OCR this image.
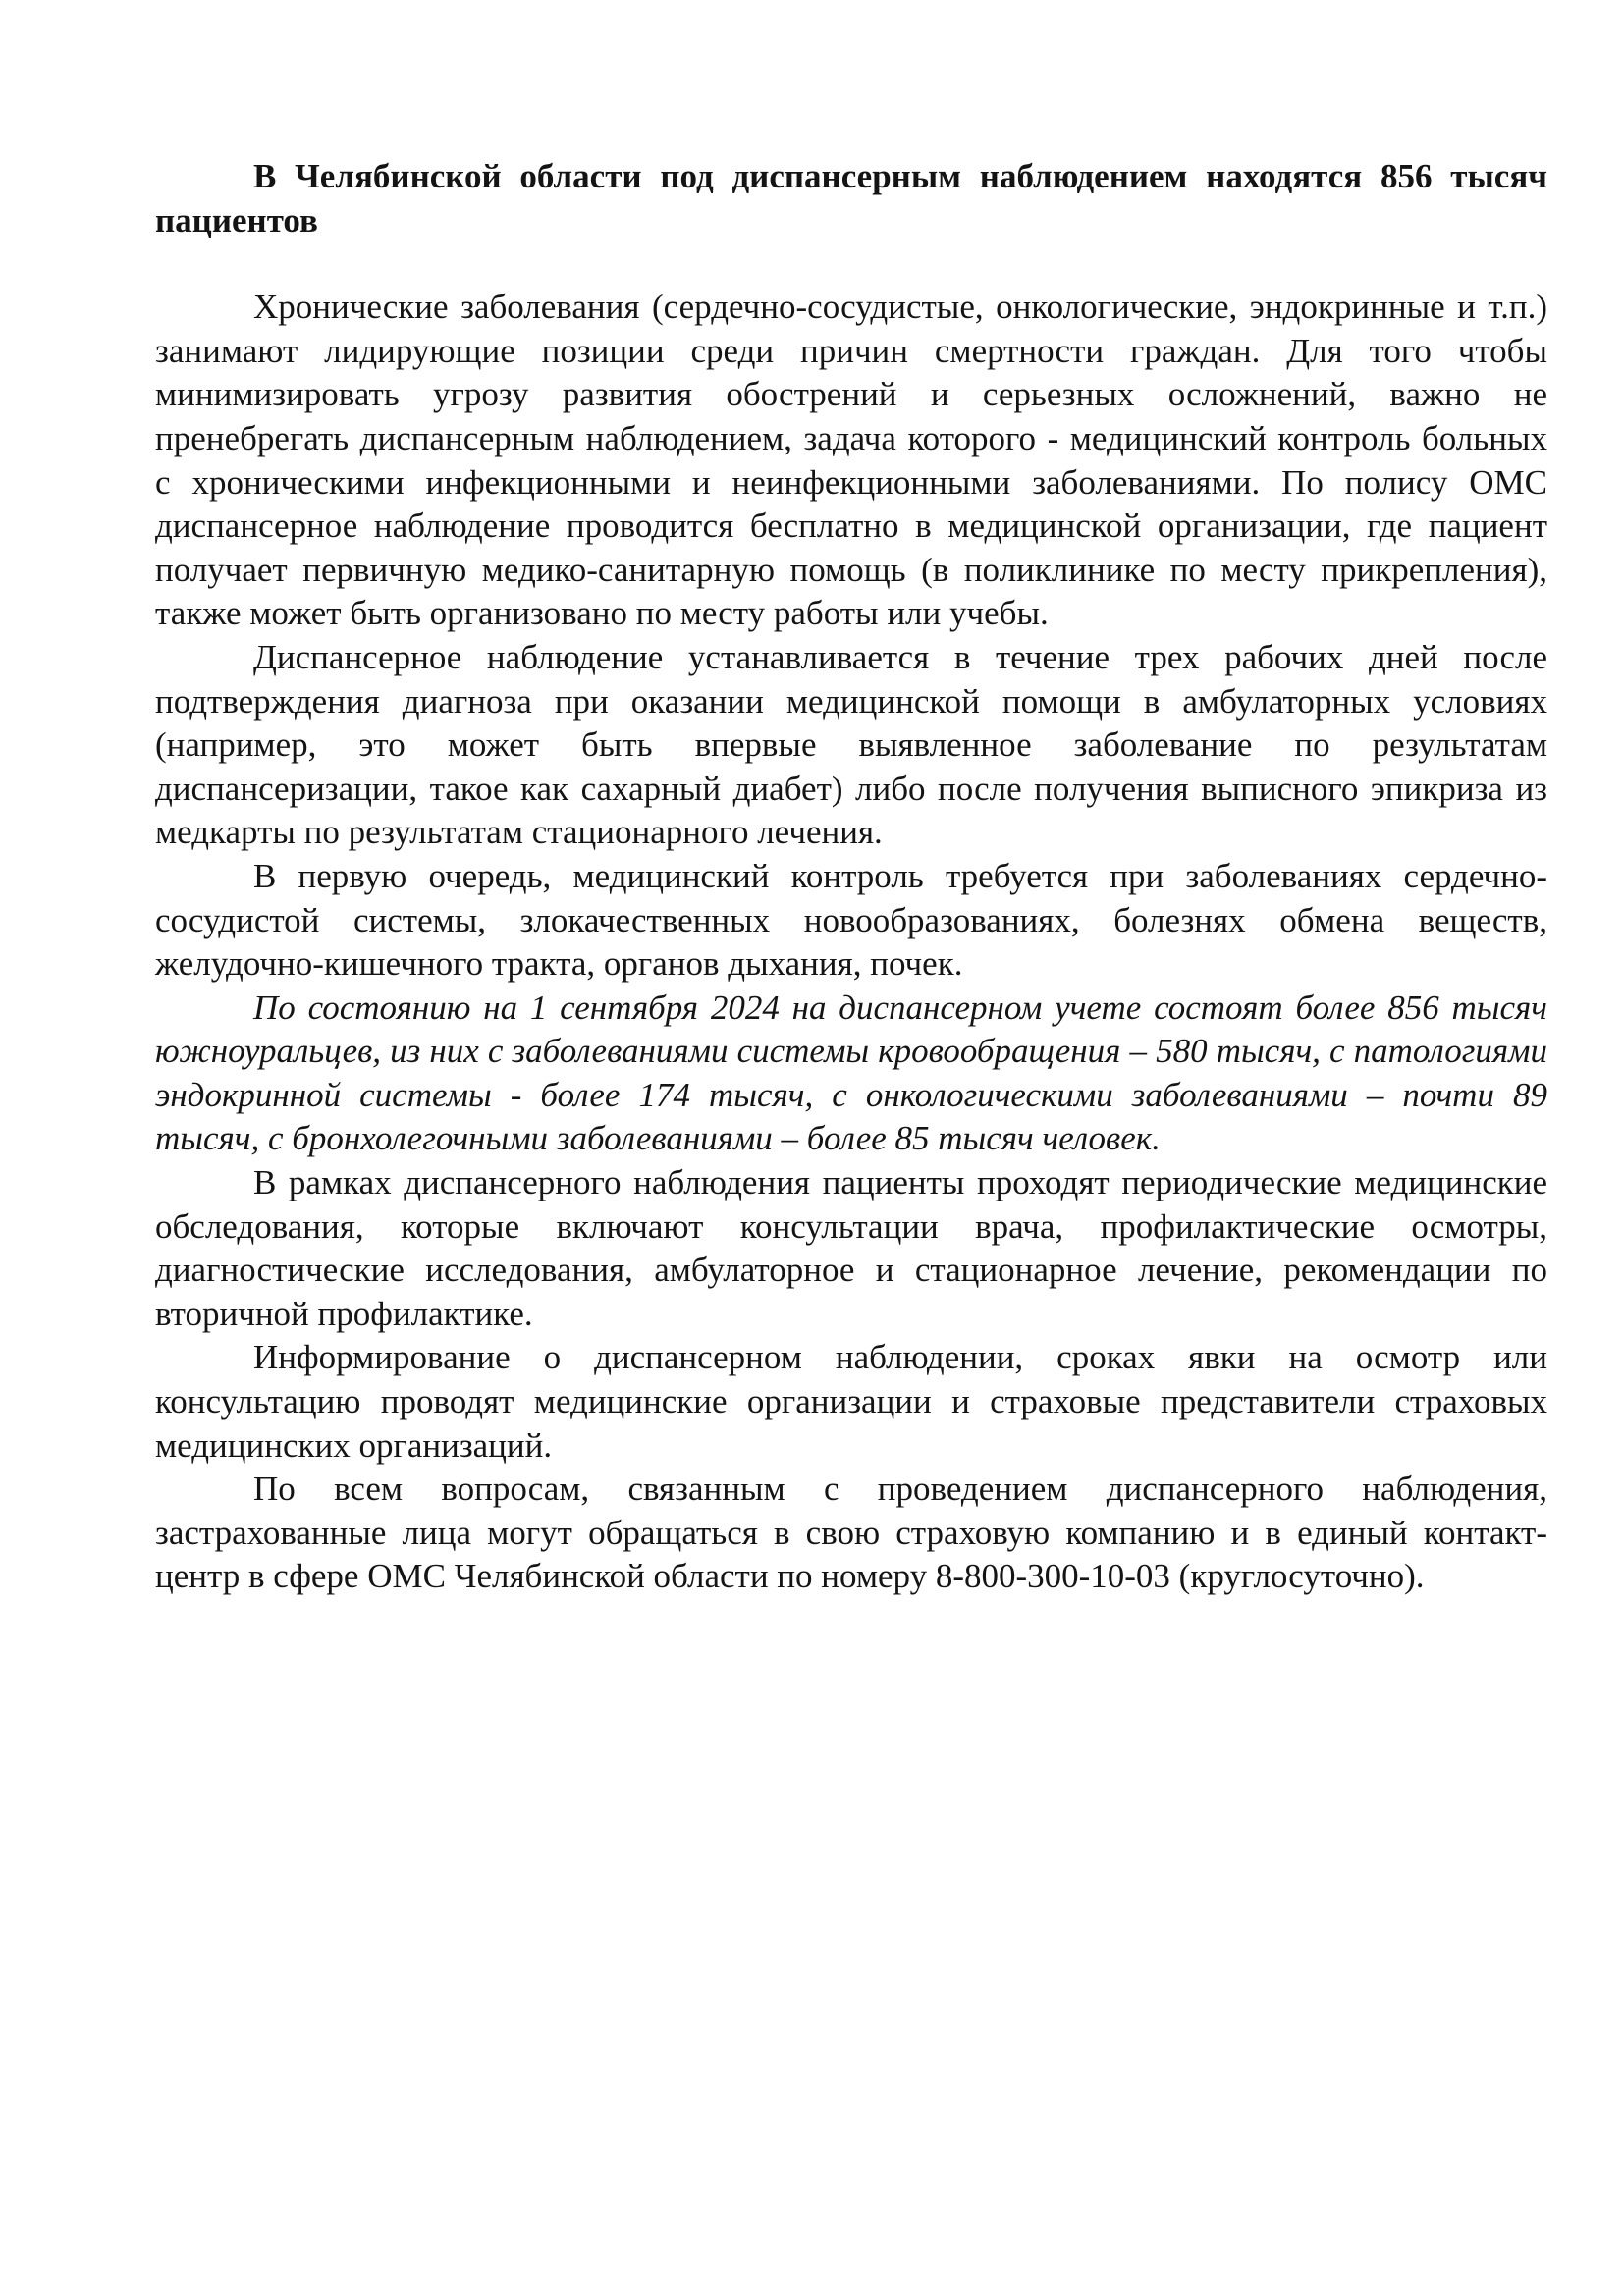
В Челябинской области под диспансерным наблюдением находятся 856 тысяч пациентов

Хронические заболевания (сердечно-сосудистые, онкологические, эндокринные и т.п.) занимают лидирующие позиции среди причин смертности граждан. Для того чтобы минимизировать угрозу развития обострений и серьезных осложнений, важно не пренебрегать диспансерным наблюдением, задача которого - медицинский контроль больных с хроническими инфекционными и неинфекционными заболеваниями. По полису ОМС диспансерное наблюдение проводится бесплатно в медицинской организации, где пациент получает первичную медико-санитарную помощь (в поликлинике по месту прикрепления), также может быть организовано по месту работы или учебы.

Диспансерное наблюдение устанавливается в течение трех рабочих дней после подтверждения диагноза при оказании медицинской помощи в амбулаторных условиях (например, это может быть впервые выявленное заболевание по результатам диспансеризации, такое как сахарный диабет) либо после получения выписного эпикриза из медкарты по результатам стационарного лечения.

В первую очередь, медицинский контроль требуется при заболеваниях сердечно-сосудистой системы, злокачественных новообразованиях, болезнях обмена веществ, желудочно-кишечного тракта, органов дыхания, почек.

По состоянию на 1 сентября 2024 на диспансерном учете состоят более 856 тысяч южноуральцев, из них с заболеваниями системы кровообращения – 580 тысяч, с патологиями эндокринной системы - более 174 тысяч, с онкологическими заболеваниями – почти 89 тысяч, с бронхолегочными заболеваниями – более 85 тысяч человек.

В рамках диспансерного наблюдения пациенты проходят периодические медицинские обследования, которые включают консультации врача, профилактические осмотры, диагностические исследования, амбулаторное и стационарное лечение, рекомендации по вторичной профилактике.

Информирование о диспансерном наблюдении, сроках явки на осмотр или консультацию проводят медицинские организации и страховые представители страховых медицинских организаций.

По всем вопросам, связанным с проведением диспансерного наблюдения, застрахованные лица могут обращаться в свою страховую компанию и в единый контакт-центр в сфере ОМС Челябинской области по номеру 8-800-300-10-03 (круглосуточно).
